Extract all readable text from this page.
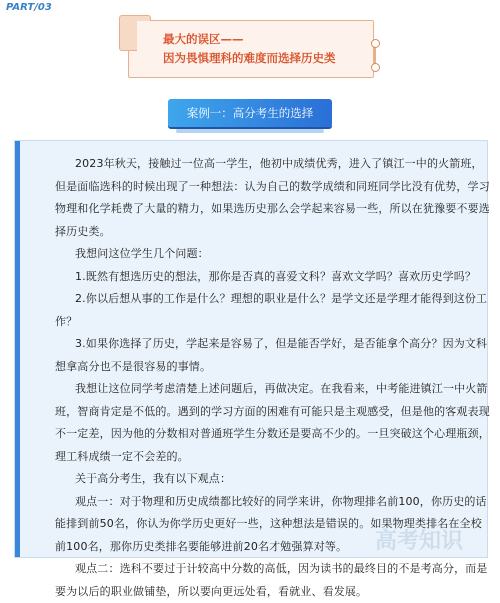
PART/03
最大的误区——
因为畏惧理科的难度而选择历史类
案例一：高分考生的选择

2023年秋天，接触过一位高一学生，他初中成绩优秀，进入了镇江一中的火箭班，但是面临选科的时候出现了一种想法：认为自己的数学成绩和同班同学比没有优势，学习物理和化学耗费了大量的精力，如果选历史那么会学起来容易一些，所以在犹豫要不要选择历史类。

我想问这位学生几个问题：

1.既然有想选历史的想法，那你是否真的喜爱文科？喜欢文学吗？喜欢历史学吗？

2.你以后想从事的工作是什么？理想的职业是什么？是学文还是学理才能得到这份工作？

3.如果你选择了历史，学起来是容易了，但是能否学好，是否能拿个高分？因为文科想拿高分也不是很容易的事情。

我想让这位同学考虑清楚上述问题后，再做决定。在我看来，中考能进镇江一中火箭班，智商肯定是不低的。遇到的学习方面的困难有可能只是主观感受，但是他的客观表现不一定差，因为他的分数相对普通班学生分数还是要高不少的。一旦突破这个心理瓶颈，理工科成绩一定不会差的。

关于高分考生，我有以下观点：

观点一：对于物理和历史成绩都比较好的同学来讲，你物理排名前100，你历史的话能排到前50名，你认为你学历史更好一些，这种想法是错误的。如果物理类排名在全校前100名，那你历史类排名要能够进前20名才勉强算对等。

观点二：选科不要过于计较高中分数的高低，因为读书的最终目的不是考高分，而是要为以后的职业做铺垫，所以要向更远处看，看就业、看发展。

高考知识
